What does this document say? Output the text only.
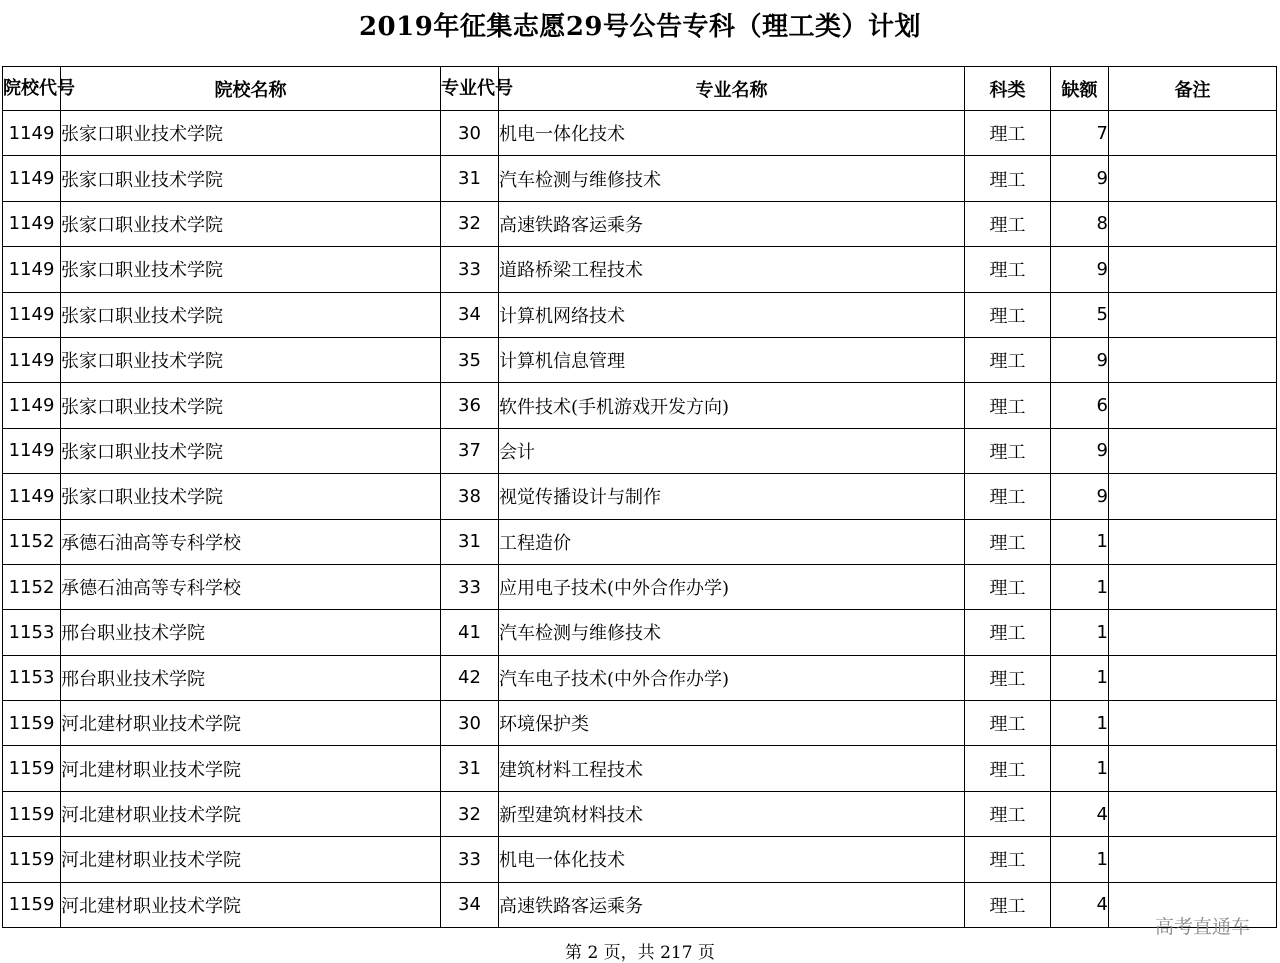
2019年征集志愿29号公告专科（理工类）计划
院校代号	院校名称	专业代号	专业名称	科类	缺额	备注
1149	张家口职业技术学院	30	机电一体化技术	理工	7	
1149	张家口职业技术学院	31	汽车检测与维修技术	理工	9	
1149	张家口职业技术学院	32	高速铁路客运乘务	理工	8	
1149	张家口职业技术学院	33	道路桥梁工程技术	理工	9	
1149	张家口职业技术学院	34	计算机网络技术	理工	5	
1149	张家口职业技术学院	35	计算机信息管理	理工	9	
1149	张家口职业技术学院	36	软件技术(手机游戏开发方向)	理工	6	
1149	张家口职业技术学院	37	会计	理工	9	
1149	张家口职业技术学院	38	视觉传播设计与制作	理工	9	
1152	承德石油高等专科学校	31	工程造价	理工	1	
1152	承德石油高等专科学校	33	应用电子技术(中外合作办学)	理工	1	
1153	邢台职业技术学院	41	汽车检测与维修技术	理工	1	
1153	邢台职业技术学院	42	汽车电子技术(中外合作办学)	理工	1	
1159	河北建材职业技术学院	30	环境保护类	理工	1	
1159	河北建材职业技术学院	31	建筑材料工程技术	理工	1	
1159	河北建材职业技术学院	32	新型建筑材料技术	理工	4	
1159	河北建材职业技术学院	33	机电一体化技术	理工	1	
1159	河北建材职业技术学院	34	高速铁路客运乘务	理工	4	
高考直通车
第 2 页，共 217 页
